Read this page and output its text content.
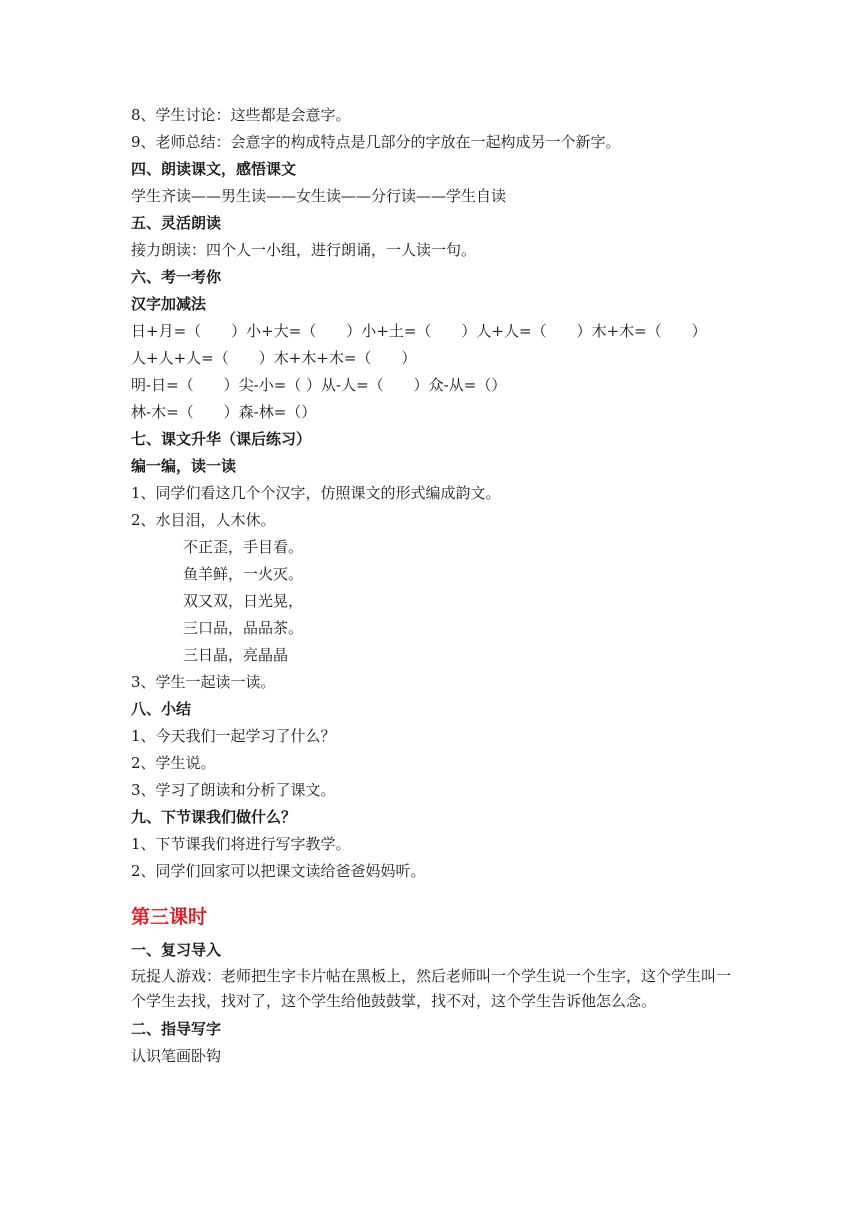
8、学生讨论：这些都是会意字。
9、老师总结：会意字的构成特点是几部分的字放在一起构成另一个新字。
四、朗读课文，感悟课文
学生齐读——男生读——女生读——分行读——学生自读
五、灵活朗读
接力朗读：四个人一小组，进行朗诵，一人读一句。
六、考一考你
汉字加减法
日+月=（　　）小+大=（　　）小+土=（　　）人+人=（　　）木+木=（　　）
人+人+人=（　　）木+木+木=（　　）
明-日=（　　）尖-小=（ ）从-人=（　　）众-从=（）
林-木=（　　）森-林=（）
七、课文升华（课后练习）
编一编，读一读
1、同学们看这几个个汉字，仿照课文的形式编成韵文。
2、水目泪，人木休。
不正歪，手目看。
鱼羊鲜，一火灭。
双又双，日光晃，
三口品，品品茶。
三日晶，亮晶晶
3、学生一起读一读。
八、小结
1、今天我们一起学习了什么？
2、学生说。
3、学习了朗读和分析了课文。
九、下节课我们做什么？
1、下节课我们将进行写字教学。
2、同学们回家可以把课文读给爸爸妈妈听。
第三课时
一、复习导入
玩捉人游戏：老师把生字卡片帖在黑板上，然后老师叫一个学生说一个生字，这个学生叫一个学生去找，找对了，这个学生给他鼓鼓掌，找不对，这个学生告诉他怎么念。
二、指导写字
认识笔画卧钩
